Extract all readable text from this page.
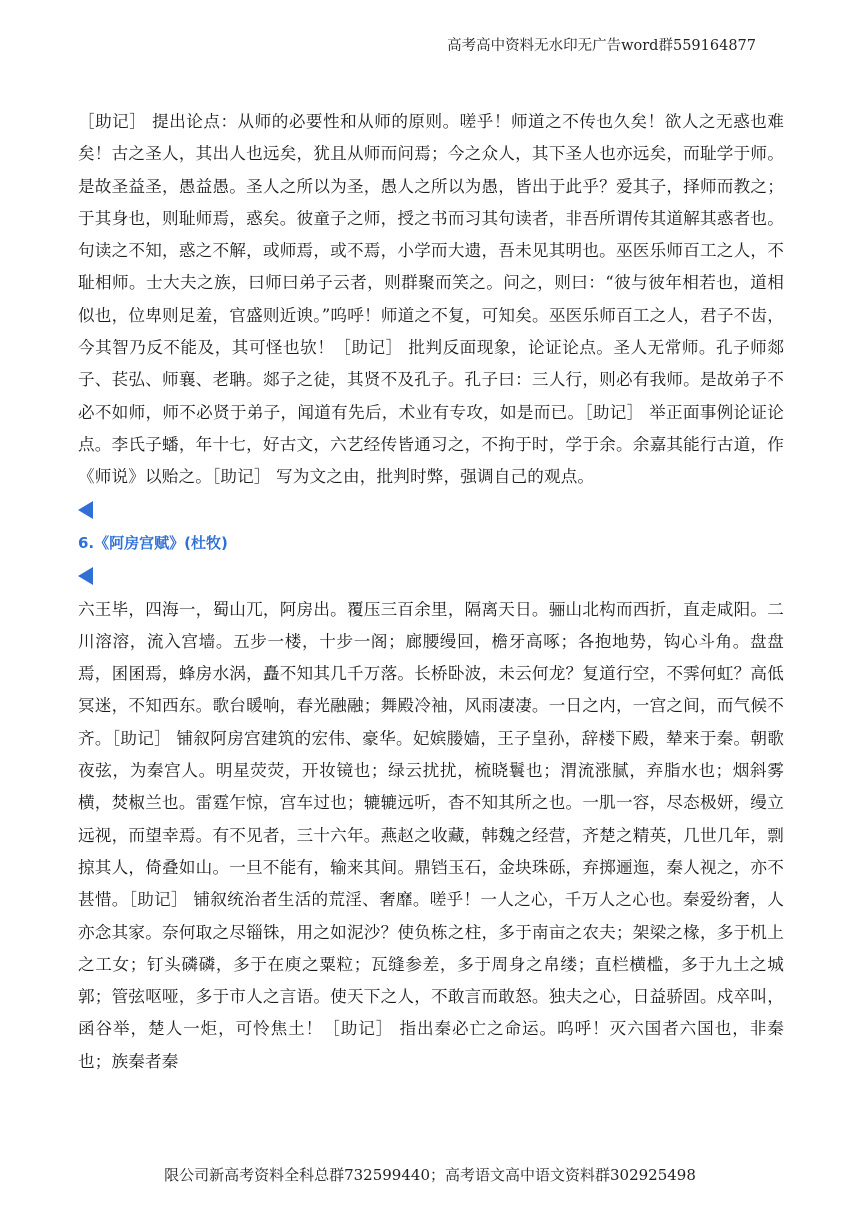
高考高中资料无水印无广告word群559164877

［助记］ 提出论点：从师的必要性和从师的原则。嗟乎！师道之不传也久矣！欲人之无惑也难矣！古之圣人，其出人也远矣，犹且从师而问焉；今之众人，其下圣人也亦远矣，而耻学于师。是故圣益圣，愚益愚。圣人之所以为圣，愚人之所以为愚，皆出于此乎？爱其子，择师而教之；于其身也，则耻师焉，惑矣。彼童子之师，授之书而习其句读者，非吾所谓传其道解其惑者也。句读之不知，惑之不解，或师焉，或不焉，小学而大遗，吾未见其明也。巫医乐师百工之人，不耻相师。士大夫之族，曰师曰弟子云者，则群聚而笑之。问之，则曰：“彼与彼年相若也，道相似也，位卑则足羞，官盛则近谀。”呜呼！师道之不复，可知矣。巫医乐师百工之人，君子不齿，今其智乃反不能及，其可怪也欤！［助记］ 批判反面现象，论证论点。圣人无常师。孔子师郯子、苌弘、师襄、老聃。郯子之徒，其贤不及孔子。孔子曰：三人行，则必有我师。是故弟子不必不如师，师不必贤于弟子，闻道有先后，术业有专攻，如是而已。［助记］ 举正面事例论证论点。李氏子蟠，年十七，好古文，六艺经传皆通习之，不拘于时，学于余。余嘉其能行古道，作《师说》以贻之。［助记］ 写为文之由，批判时弊，强调自己的观点。

6.《阿房宫赋》(杜牧)

六王毕，四海一，蜀山兀，阿房出。覆压三百余里，隔离天日。骊山北构而西折，直走咸阳。二川溶溶，流入宫墙。五步一楼，十步一阁；廊腰缦回，檐牙高啄；各抱地势，钩心斗角。盘盘焉，囷囷焉，蜂房水涡，矗不知其几千万落。长桥卧波，未云何龙？复道行空，不霁何虹？高低冥迷，不知西东。歌台暖响，春光融融；舞殿冷袖，风雨凄凄。一日之内，一宫之间，而气候不齐。［助记］ 铺叙阿房宫建筑的宏伟、豪华。妃嫔媵嫱，王子皇孙，辞楼下殿，辇来于秦。朝歌夜弦，为秦宫人。明星荧荧，开妆镜也；绿云扰扰，梳晓鬟也；渭流涨腻，弃脂水也；烟斜雾横，焚椒兰也。雷霆乍惊，宫车过也；辘辘远听，杳不知其所之也。一肌一容，尽态极妍，缦立远视，而望幸焉。有不见者，三十六年。燕赵之收藏，韩魏之经营，齐楚之精英，几世几年，剽掠其人，倚叠如山。一旦不能有，输来其间。鼎铛玉石，金块珠砾，弃掷逦迤，秦人视之，亦不甚惜。［助记］ 铺叙统治者生活的荒淫、奢靡。嗟乎！一人之心，千万人之心也。秦爱纷奢，人亦念其家。奈何取之尽锱铢，用之如泥沙？使负栋之柱，多于南亩之农夫；架梁之椽，多于机上之工女；钉头磷磷，多于在庾之粟粒；瓦缝参差，多于周身之帛缕；直栏横槛，多于九土之城郭；管弦呕哑，多于市人之言语。使天下之人，不敢言而敢怒。独夫之心，日益骄固。戍卒叫，函谷举，楚人一炬，可怜焦土！［助记］ 指出秦必亡之命运。呜呼！灭六国者六国也，非秦也；族秦者秦

限公司新高考资料全科总群732599440；高考语文高中语文资料群302925498
